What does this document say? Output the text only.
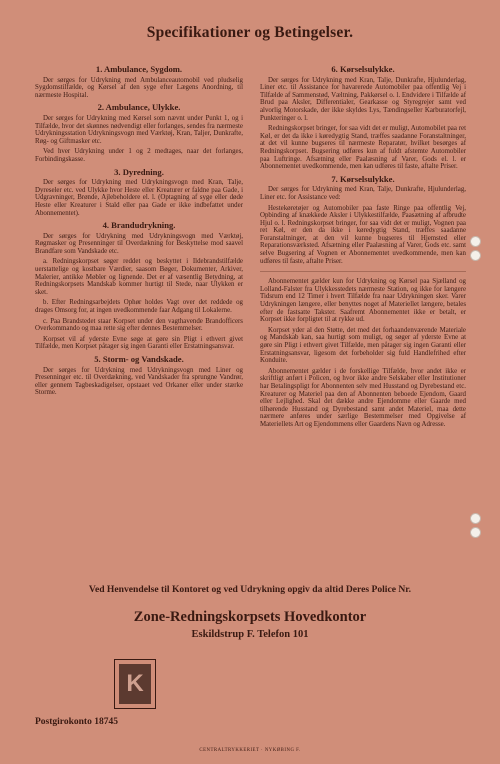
Specifikationer og Betingelser.
1. Ambulance, Sygdom.

Der sørges for Udrykning med Ambulanceautomobil ved pludselig Sygdomstilfælde, og Kørsel af den syge efter Lægens Anordning, til nærmeste Hospital.

2. Ambulance, Ulykke.

Der sørges for Udrykning med Kørsel som nævnt under Punkt 1, og i Tilfælde, hvor det skønnes nødvendigt eller forlanges, sendes fra nærmeste Udrykningsstation Udrykningsvogn med Værktøj, Kran, Taljer, Dunkrafte, Røg- og Giftmasker etc.

Ved hver Udrykning under 1 og 2 medtages, naar det forlanges, Forbindingskasse.

3. Dyredning.

Der sørges for Udrykning med Udrykningsvogn med Kran, Talje, Dyreseler etc. ved Ulykke hvor Heste eller Kreaturer er faldne paa Gade, i Udgravninger, Brønde, Ajlebeholdere el. l. (Optagning af syge eller døde Heste eller Kreaturer i Stald eller paa Gade er ikke indbefattet under Abonnementet).

4. Brandudrykning.

Der sørges for Udrykning med Udrykningsvogn med Værktøj, Røgmasker og Presenninger til Overdækning for Beskyttelse mod saavel Brandfare som Vandskade etc.

a. Redningskorpset søger reddet og beskyttet i Ildebrandstilfælde uerstattelige og kostbare Værdier, saasom Bøger, Dokumenter, Arkiver, Malerier, antikke Møbler og lignende. Det er af væsentlig Betydning, at Redningskorpsets Mandskab kommer hurtigt til Stede, naar Ulykken er sket.

b. Efter Redningsarbejdets Ophør holdes Vagt over det reddede og drages Omsorg for, at ingen uvedkommende faar Adgang til Lokalerne.

c. Paa Brandstedet staar Korpset under den vagthavende Brandofficers Overkommando og maa rette sig efter dennes Bestemmelser.

Korpset vil af yderste Evne søge at gøre sin Pligt i ethvert givet Tilfælde, men Korpset påtager sig ingen Garanti eller Erstatningsansvar.

5. Storm- og Vandskade.

Der sørges for Udrykning med Udrykningsvogn med Liner og Presenninger etc. til Overdækning, ved Vandskader fra sprungne Vandrør, eller gennem Tagbeskadigelser, opstaaet ved Orkaner eller under stærke Storme.

6. Kørselsulykke.

Der sørges for Udrykning med Kran, Talje, Dunkrafte, Hjulunderlag, Liner etc. til Assistance for havarerede Automobiler paa offentlig Vej i Tilfælde af Sammenstød, Væltning, Pakkørsel o. l. Endvidere i Tilfælde af Brud paa Aksler, Differentialer, Gearkasse og Styregrejer samt ved alvorlig Motorskade, der ikke skyldes Lys, Tændingseller Karburatorfejl, Punkteringer o. l.

Redningskorpset bringer, for saa vidt det er muligt, Automobilet paa ret Køl, er det da ikke i køredygtig Stand, træffes saadanne Foranstaltninger, at det vil kunne bugseres til nærmeste Reparatør, hvilket besørges af Redningskorpset. Bugsering udføres kun af fuldt afstemte Automobiler paa Luftringe. Afsætning eller Paalæsning af Varer, Gods el. l. er Abonnementet uvedkommende, men kan udføres til faste, aftalte Priser.

7. Kørselsulykke.

Der sørges for Udrykning med Kran, Talje, Dunkrafte, Hjulunderlag, Liner etc. for Assistance ved:

Hestekøretøjer og Automobiler paa faste Ringe paa offentlig Vej, Opbinding af knækkede Aksler i Ulykkestilfælde, Paasætning af afbrudte Hjul o. l. Redningskorpset bringer, for saa vidt det er muligt, Vognen paa ret Køl, er den da ikke i køredygtig Stand, træffes saadanne Foranstaltninger, at den vil kunne bugseres til Hjemsted eller Reparationsværksted. Afsætning eller Paalæsning af Varer, Gods etc. samt selve Bugsering af Vognen er Abonnementet uvedkommende, men kan udføres til faste, aftalte Priser.

Abonnementet gælder kun for Udrykning og Kørsel paa Sjælland og Lolland-Falster fra Ulykkesstedets nærmeste Station, og ikke for længere Tidsrum end 12 Timer i hvert Tilfælde fra naar Udrykningen sker. Varer Udrykningen længere, eller benyttes noget af Materiellet længere, betales efter de fastsatte Takster. Saafremt Abonnementet ikke er betalt, er Korpset ikke forpligtet til at rykke ud.

Korpset yder al den Støtte, det med det forhaandenværende Materiale og Mandskab kan, saa hurtigt som muligt, og søger af yderste Evne at gøre sin Pligt i ethvert givet Tilfælde, men påtager sig ingen Garanti eller Erstatningsansvar, ligesom det forbeholder sig fuld Handlefrihed efter Konduite.

Abonnementet gælder i de forskellige Tilfælde, hvor andet ikke er skriftligt anført i Policen, og hvor ikke andre Selskaber eller Institutioner har Betalingspligt for Abonnenten selv med Husstand og Dyrebestand etc. Kreaturer og Materiel paa den af Abonnenten beboede Ejendom, Gaard eller Lejlighed. Skal det dække andre Ejendomme eller Gaarde med tilhørende Husstand og Dyrebestand samt andet Materiel, maa dette nærmere anføres under særlige Bestemmelser med Opgivelse af Materiellets Art og Ejendommens eller Gaardens Navn og Adresse.

Ved Henvendelse til Kontoret og ved Udrykning opgiv da altid Deres Police Nr.
Zone-Redningskorpsets Hovedkontor
Eskildstrup F. Telefon 101
K
Postgirokonto 18745
CENTRALTRYKKERIET · NYKØBING F.
